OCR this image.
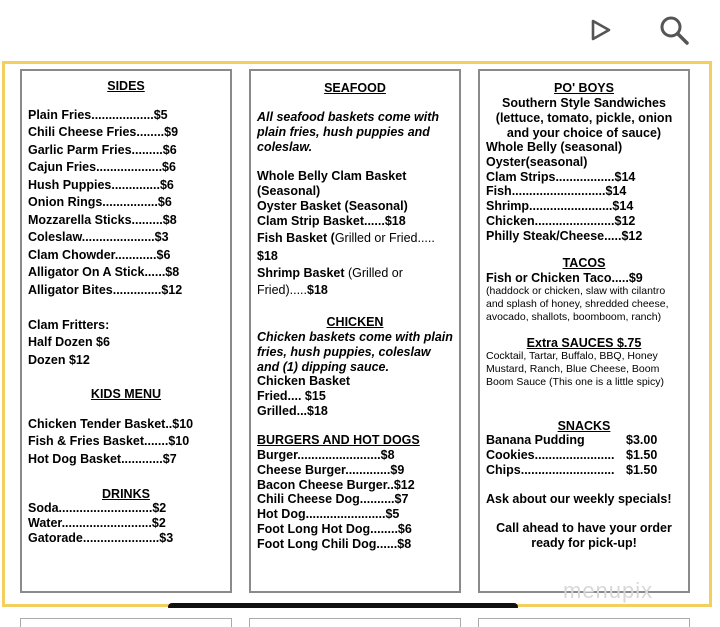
SIDES
Plain Fries..................$5
Chili Cheese Fries........$9
Garlic Parm Fries.........$6
Cajun Fries...................$6
Hush Puppies..............$6
Onion Rings................$6
Mozzarella Sticks.........$8
Coleslaw.....................$3
Clam Chowder............$6
Alligator On A Stick......$8
Alligator Bites..............$12
Clam Fritters:
Half Dozen $6
Dozen $12
KIDS MENU
Chicken Tender Basket..$10
Fish & Fries Basket.......$10
Hot Dog Basket............$7
DRINKS
Soda...........................$2
Water..........................$2
Gatorade......................$3
SEAFOOD
All seafood baskets come with
plain fries, hush puppies and
coleslaw.
Whole Belly Clam Basket
(Seasonal)
Oyster Basket (Seasonal)
Clam Strip Basket......$18
Fish Basket (Grilled or Fried.....
$18
Shrimp Basket (Grilled or
Fried).....$18
CHICKEN
Chicken baskets come with plain
fries, hush puppies, coleslaw
and (1) dipping sauce.
Chicken Basket
Fried.... $15
Grilled...$18
BURGERS AND HOT DOGS
Burger........................$8
Cheese Burger.............$9
Bacon Cheese Burger..$12
Chili Cheese Dog..........$7
Hot Dog.......................$5
Foot Long Hot Dog........$6
Foot Long Chili Dog......$8
PO' BOYS
Southern Style Sandwiches
(lettuce, tomato, pickle, onion
and your choice of sauce)
Whole Belly (seasonal)
Oyster(seasonal)
Clam Strips.................$14
Fish...........................$14
Shrimp........................$14
Chicken.......................$12
Philly Steak/Cheese.....$12
TACOS
Fish or Chicken Taco.....$9
(haddock or chicken, slaw with cilantro
and splash of honey, shredded cheese,
avocado, shallots, boomboom, ranch)
Extra SAUCES $.75
Cocktail, Tartar, Buffalo, BBQ, Honey
Mustard, Ranch, Blue Cheese, Boom
Boom Sauce (This one is a little spicy)
SNACKS
Banana Pudding	$3.00
Cookies....................... $1.50
Chips........................... $1.50
Ask about our weekly specials!
Call ahead to have your order
ready for pick-up!
menupix
